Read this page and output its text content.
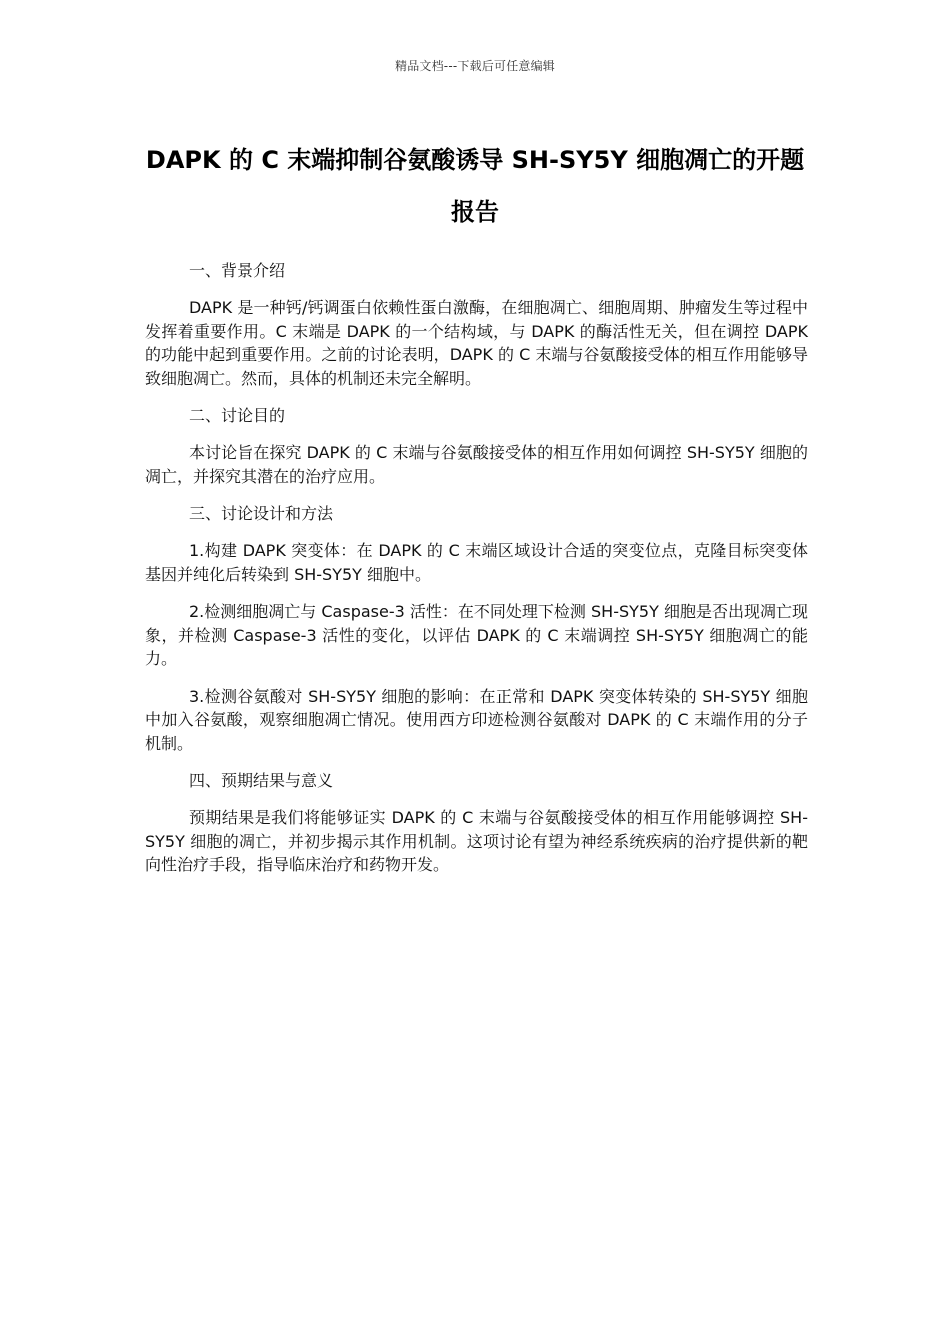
精品文档---下载后可任意编辑
DAPK 的 C 末端抑制谷氨酸诱导 SH-SY5Y 细胞凋亡的开题报告

一、背景介绍

DAPK 是一种钙/钙调蛋白依赖性蛋白激酶，在细胞凋亡、细胞周期、肿瘤发生等过程中发挥着重要作用。C 末端是 DAPK 的一个结构域，与 DAPK 的酶活性无关，但在调控 DAPK 的功能中起到重要作用。之前的讨论表明，DAPK 的 C 末端与谷氨酸接受体的相互作用能够导致细胞凋亡。然而，具体的机制还未完全解明。

二、讨论目的

本讨论旨在探究 DAPK 的 C 末端与谷氨酸接受体的相互作用如何调控 SH-SY5Y 细胞的凋亡，并探究其潜在的治疗应用。

三、讨论设计和方法

1.构建 DAPK 突变体：在 DAPK 的 C 末端区域设计合适的突变位点，克隆目标突变体基因并纯化后转染到 SH-SY5Y 细胞中。

2.检测细胞凋亡与 Caspase-3 活性：在不同处理下检测 SH-SY5Y 细胞是否出现凋亡现象，并检测 Caspase-3 活性的变化，以评估 DAPK 的 C 末端调控 SH-SY5Y 细胞凋亡的能力。

3.检测谷氨酸对 SH-SY5Y 细胞的影响：在正常和 DAPK 突变体转染的 SH-SY5Y 细胞中加入谷氨酸，观察细胞凋亡情况。使用西方印迹检测谷氨酸对 DAPK 的 C 末端作用的分子机制。

四、预期结果与意义

预期结果是我们将能够证实 DAPK 的 C 末端与谷氨酸接受体的相互作用能够调控 SH-SY5Y 细胞的凋亡，并初步揭示其作用机制。这项讨论有望为神经系统疾病的治疗提供新的靶向性治疗手段，指导临床治疗和药物开发。
